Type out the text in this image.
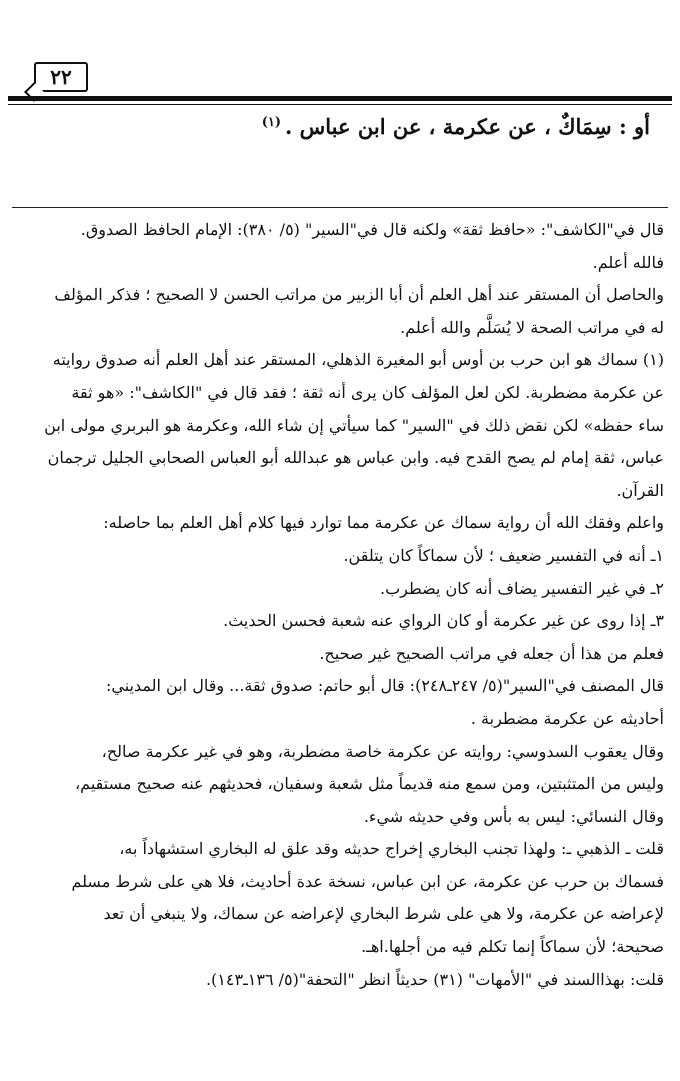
٢٢
أو : سِمَاكٌ ، عن عكرمة ، عن ابن عباس .$^{(١)}$

قال في"الكاشف": «حافظ ثقة» ولكنه قال في"السير" (٥/ ٣٨٠): الإمام الحافظ الصدوق.

فالله أعلم.

والحاصل أن المستقر عند أهل العلم أن أبا الزبير من مراتب الحسن لا الصحيح ؛ فذكر المؤلف

له في مراتب الصحة لا يُسَلَّم والله أعلم.

(١) سماك هو ابن حرب بن أوس أبو المغيرة الذهلي، المستقر عند أهل العلم أنه صدوق روايته

عن عكرمة مضطربة. لكن لعل المؤلف كان يرى أنه ثقة ؛ فقد قال في "الكاشف": «هو ثقة

ساء حفظه» لكن نقض ذلك في "السير" كما سيأتي إن شاء الله، وعكرمة هو البربري مولى ابن

عباس، ثقة إمام لم يصح القدح فيه. وابن عباس هو عبدالله أبو العباس الصحابي الجليل ترجمان

القرآن.

واعلم وفقك الله أن رواية سماك عن عكرمة مما توارد فيها كلام أهل العلم بما حاصله:

١ـ أنه في التفسير ضعيف ؛ لأن سماكاً كان يتلقن.

٢ـ في غير التفسير يضاف أنه كان يضطرب.

٣ـ إذا روى عن غير عكرمة أو كان الرواي عنه شعبة فحسن الحديث.

فعلم من هذا أن جعله في مراتب الصحيح غير صحيح.

قال المصنف في"السير"(٥/ ٢٤٧ـ٢٤٨): قال أبو حاتم: صدوق ثقة... وقال ابن المديني:

أحاديثه عن عكرمة مضطربة .

وقال يعقوب السدوسي: روايته عن عكرمة خاصة مضطربة، وهو في غير عكرمة صالح،

وليس من المتثبتين، ومن سمع منه قديماً مثل شعبة وسفيان، فحديثهم عنه صحيح مستقيم،

وقال النسائي: ليس به بأس وفي حديثه شيء.

قلت ـ الذهبي ـ: ولهذا تجنب البخاري إخراج حديثه وقد علق له البخاري استشهاداً به،

فسماك بن حرب عن عكرمة، عن ابن عباس، نسخة عدة أحاديث، فلا هي على شرط مسلم

لإعراضه عن عكرمة، ولا هي على شرط البخاري لإعراضه عن سماك، ولا ينبغي أن تعد

صحيحة؛ لأن سماكاً إنما تكلم فيه من أجلها.اهـ.

قلت: بهذاالسند في "الأمهات" (٣١) حديثاً انظر "التحفة"(٥/ ١٣٦ـ١٤٣).
